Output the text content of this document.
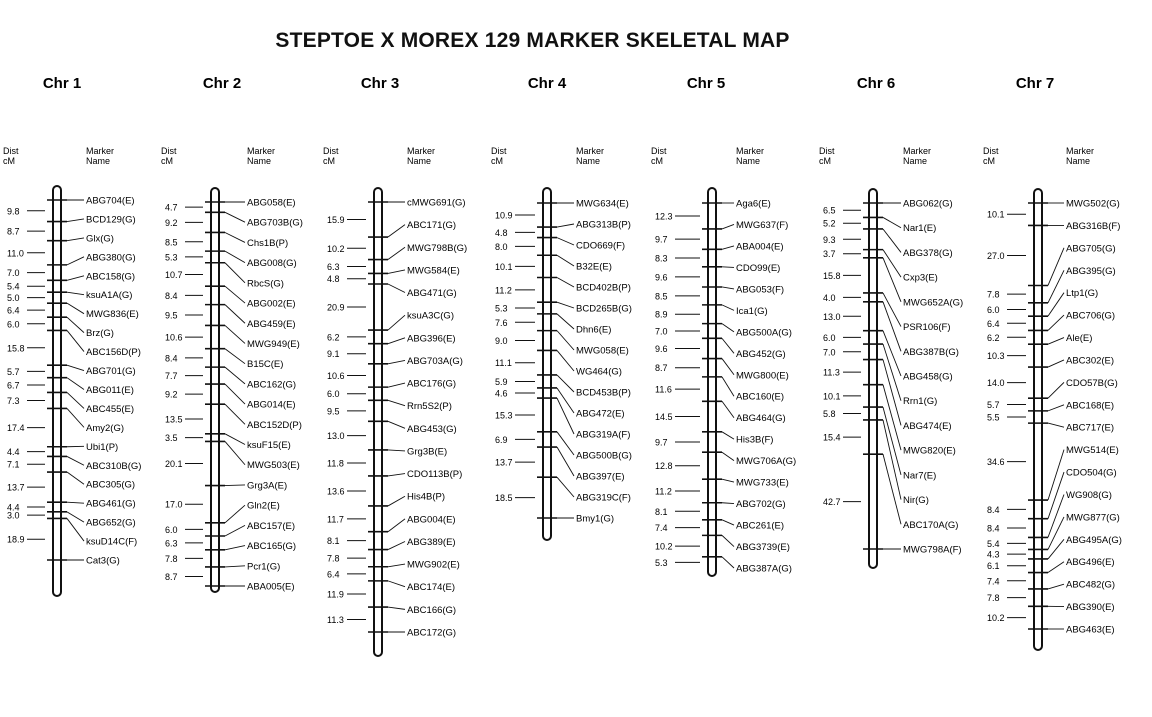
STEPTOE X MOREX 129 MARKER SKELETAL MAP
Chr 1
Dist
cM
Marker
Name
ABG704(E)
BCD129(G)
Glx(G)
ABG380(G)
ABC158(G)
ksuA1A(G)
MWG836(E)
Brz(G)
ABC156D(P)
ABG701(G)
ABG011(E)
ABC455(E)
Amy2(G)
Ubi1(P)
ABC310B(G)
ABC305(G)
ABG461(G)
ABG652(G)
ksuD14C(F)
Cat3(G)
9.8
8.7
11.0
7.0
5.4
5.0
6.4
6.0
15.8
5.7
6.7
7.3
17.4
4.4
7.1
13.7
4.4
3.0
18.9
Chr 2
Dist
cM
Marker
Name
ABG058(E)
ABG703B(G)
Chs1B(P)
ABG008(G)
RbcS(G)
ABG002(E)
ABG459(E)
MWG949(E)
B15C(E)
ABC162(G)
ABG014(E)
ABC152D(P)
ksuF15(E)
MWG503(E)
Grg3A(E)
Gln2(E)
ABC157(E)
ABC165(G)
Pcr1(G)
ABA005(E)
4.7
9.2
8.5
5.3
10.7
8.4
9.5
10.6
8.4
7.7
9.2
13.5
3.5
20.1
17.0
6.0
6.3
7.8
8.7
Chr 3
Dist
cM
Marker
Name
cMWG691(G)
ABC171(G)
MWG798B(G)
MWG584(E)
ABG471(G)
ksuA3C(G)
ABG396(E)
ABG703A(G)
ABC176(G)
Rrn5S2(P)
ABG453(G)
Grg3B(E)
CDO113B(P)
His4B(P)
ABG004(E)
ABG389(E)
MWG902(E)
ABC174(E)
ABC166(G)
ABC172(G)
15.9
10.2
6.3
4.8
20.9
6.2
9.1
10.6
6.0
9.5
13.0
11.8
13.6
11.7
8.1
7.8
6.4
11.9
11.3
Chr 4
Dist
cM
Marker
Name
MWG634(E)
ABG313B(P)
CDO669(F)
B32E(E)
BCD402B(P)
BCD265B(G)
Dhn6(E)
MWG058(E)
WG464(G)
BCD453B(P)
ABG472(E)
ABG319A(F)
ABG500B(G)
ABG397(E)
ABG319C(F)
Bmy1(G)
10.9
4.8
8.0
10.1
11.2
5.3
7.6
9.0
11.1
5.9
4.6
15.3
6.9
13.7
18.5
Chr 5
Dist
cM
Marker
Name
Aga6(E)
MWG637(F)
ABA004(E)
CDO99(E)
ABG053(F)
Ica1(G)
ABG500A(G)
ABG452(G)
MWG800(E)
ABC160(E)
ABG464(G)
His3B(F)
MWG706A(G)
MWG733(E)
ABG702(G)
ABC261(E)
ABG3739(E)
ABG387A(G)
12.3
9.7
8.3
9.6
8.5
8.9
7.0
9.6
8.7
11.6
14.5
9.7
12.8
11.2
8.1
7.4
10.2
5.3
Chr 6
Dist
cM
Marker
Name
ABG062(G)
Nar1(E)
ABG378(G)
Cxp3(E)
MWG652A(G)
PSR106(F)
ABG387B(G)
ABG458(G)
Rrn1(G)
ABG474(E)
MWG820(E)
Nar7(E)
Nir(G)
ABC170A(G)
MWG798A(F)
6.5
5.2
9.3
3.7
15.8
4.0
13.0
6.0
7.0
11.3
10.1
5.8
15.4
42.7
Chr 7
Dist
cM
Marker
Name
MWG502(G)
ABG316B(F)
ABG705(G)
ABG395(G)
Ltp1(G)
ABC706(G)
Ale(E)
ABC302(E)
CDO57B(G)
ABC168(E)
ABC717(E)
MWG514(E)
CDO504(G)
WG908(G)
MWG877(G)
ABG495A(G)
ABG496(E)
ABC482(G)
ABG390(E)
ABG463(E)
10.1
27.0
7.8
6.0
6.4
6.2
10.3
14.0
5.7
5.5
34.6
8.4
8.4
5.4
4.3
6.1
7.4
7.8
10.2
